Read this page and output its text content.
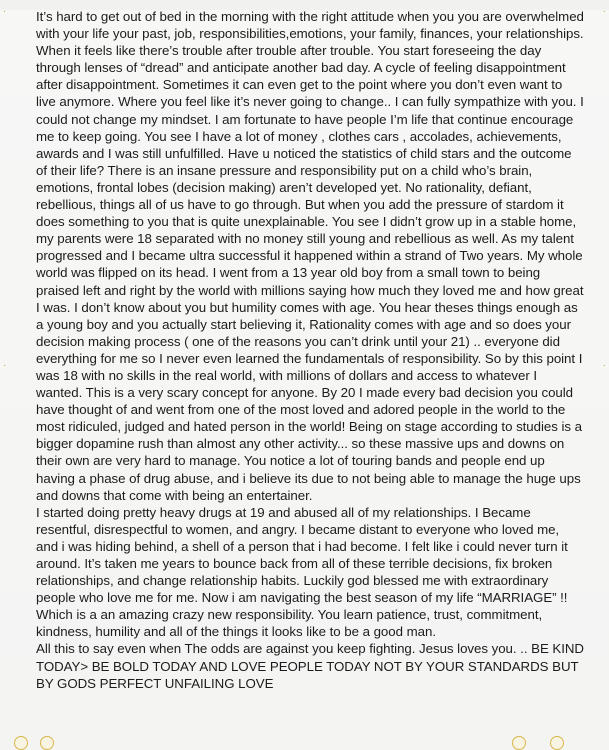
It’s hard to get out of bed in the morning with the right attitude when you you are overwhelmed with your life your past, job, responsibilities,emotions, your family, finances, your relationships. When it feels like there’s trouble after trouble after trouble. You start foreseeing the day through lenses of “dread” and anticipate another bad day. A cycle of feeling disappointment after disappointment. Sometimes it can even get to the point where you don’t even want to live anymore. Where you feel like it’s never going to change.. I can fully sympathize with you. I could not change my mindset. I am fortunate to have people I’m life that continue encourage me to keep going. You see I have a lot of money , clothes cars , accolades, achievements, awards and I was still unfulfilled. Have u noticed the statistics of child stars and the outcome of their life? There is an insane pressure and responsibility put on a child who’s brain, emotions, frontal lobes (decision making) aren’t developed yet. No rationality, defiant, rebellious, things all of us have to go through. But when you add the pressure of stardom it does something to you that is quite unexplainable. You see I didn’t grow up in a stable home, my parents were 18 separated with no money still young and rebellious as well. As my talent progressed and I became ultra successful it happened within a strand of Two years. My whole world was flipped on its head. I went from a 13 year old boy from a small town to being praised left and right by the world with millions saying how much they loved me and how great I was. I don’t know about you but humility comes with age. You hear theses things enough as a young boy and you actually start believing it, Rationality comes with age and so does your decision making process ( one of the reasons you can’t drink until your 21) .. everyone did everything for me so I never even learned the fundamentals of responsibility. So by this point I was 18 with no skills in the real world, with millions of dollars and access to whatever I wanted. This is a very scary concept for anyone. By 20 I made every bad decision you could have thought of and went from one of the most loved and adored people in the world to the most ridiculed, judged and hated person in the world! Being on stage according to studies is a bigger dopamine rush than almost any other activity... so these massive ups and downs on their own are very hard to manage. You notice a lot of touring bands and people end up having a phase of drug abuse, and i believe its due to not being able to manage the huge ups and downs that come with being an entertainer.

I started doing pretty heavy drugs at 19 and abused all of my relationships. I Became resentful, disrespectful to women, and angry. I became distant to everyone who loved me, and i was hiding behind, a shell of a person that i had become. I felt like i could never turn it around. It’s taken me years to bounce back from all of these terrible decisions, fix broken relationships, and change relationship habits. Luckily god blessed me with extraordinary people who love me for me. Now i am navigating the best season of my life “MARRIAGE” !! Which is a an amazing crazy new responsibility. You learn patience, trust, commitment, kindness, humility and all of the things it looks like to be a good man.

All this to say even when The odds are against you keep fighting. Jesus loves you. .. BE KIND TODAY> BE BOLD TODAY AND LOVE PEOPLE TODAY NOT BY YOUR STANDARDS BUT BY GODS PERFECT UNFAILING LOVE

·	·
·	·
